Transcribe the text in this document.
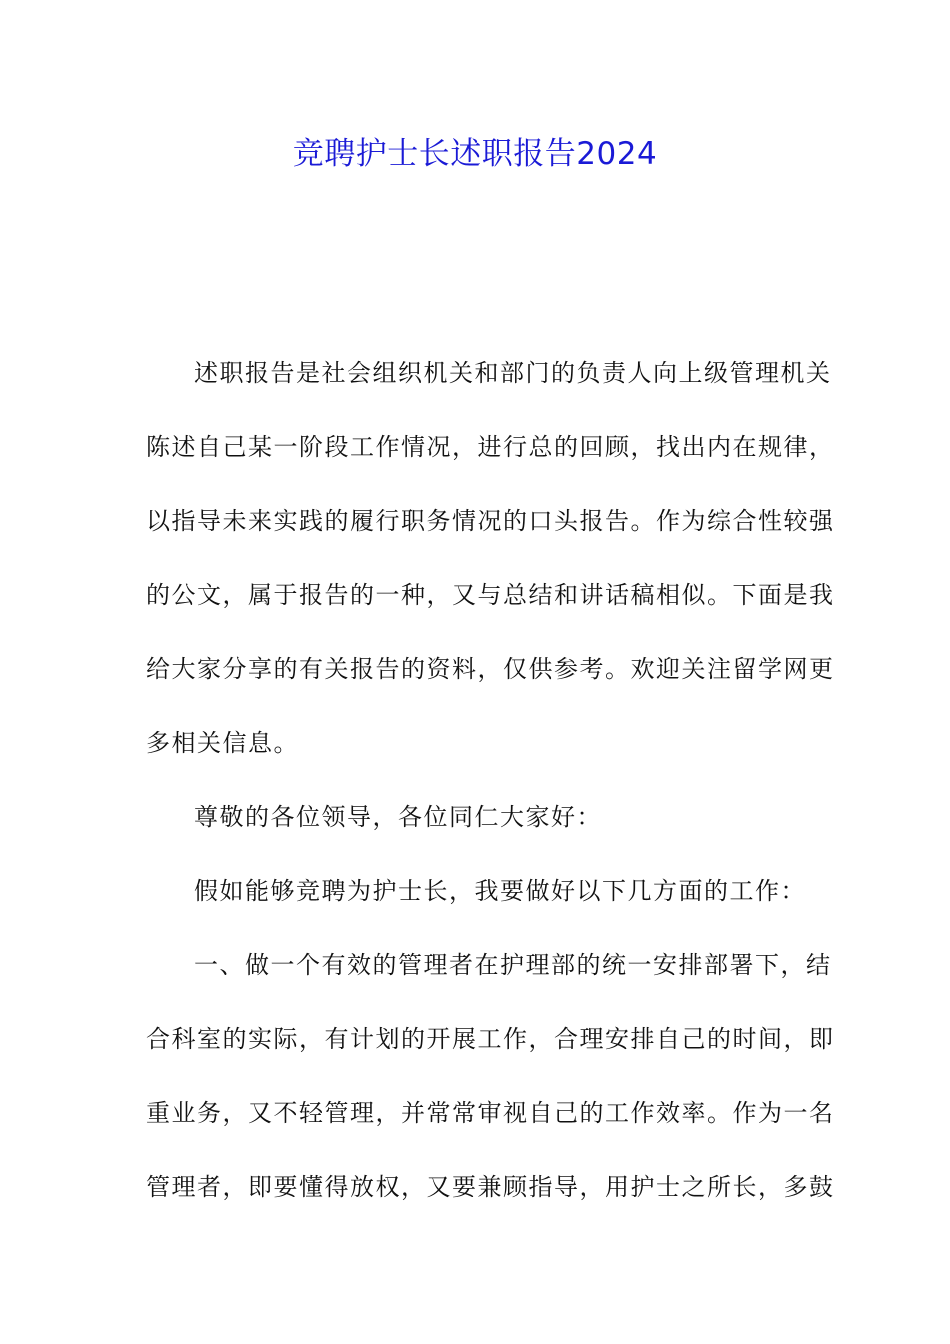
竞聘护士长述职报告2024
述职报告是社会组织机关和部门的负责人向上级管理机关
陈述自己某一阶段工作情况，进行总的回顾，找出内在规律，
以指导未来实践的履行职务情况的口头报告。作为综合性较强
的公文，属于报告的一种，又与总结和讲话稿相似。下面是我
给大家分享的有关报告的资料，仅供参考。欢迎关注留学网更
多相关信息。
尊敬的各位领导，各位同仁大家好：
假如能够竞聘为护士长，我要做好以下几方面的工作：
一、做一个有效的管理者在护理部的统一安排部署下，结
合科室的实际，有计划的开展工作，合理安排自己的时间，即
重业务，又不轻管理，并常常审视自己的工作效率。作为一名
管理者，即要懂得放权，又要兼顾指导，用护士之所长，多鼓
